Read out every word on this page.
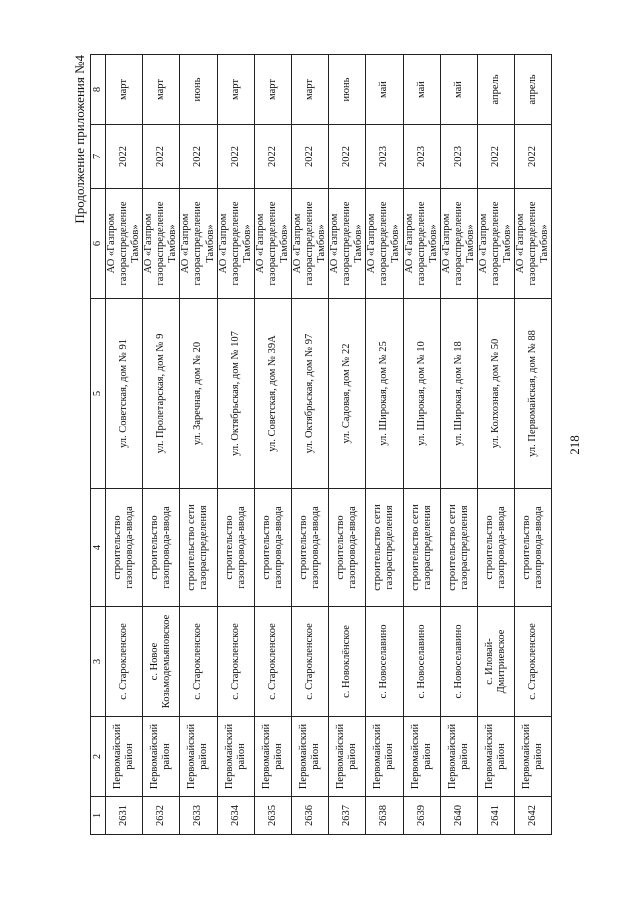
Продолжение приложения №4
1	2	3	4	5	6	7	8
2631	Первомайский район	с. Старокленское	строительство газопровода-ввода	ул. Советская, дом № 91	АО «Газпром газораспределение Тамбов»	2022	март
2632	Первомайский район	с. Новое Козьмодемьяновское	строительство газопровода-ввода	ул. Пролетарская, дом № 9	АО «Газпром газораспределение Тамбов»	2022	март
2633	Первомайский район	с. Старокленское	строительство сети газораспределения	ул. Заречная, дом № 20	АО «Газпром газораспределение Тамбов»	2022	июнь
2634	Первомайский район	с. Старокленское	строительство газопровода-ввода	ул. Октябрьская, дом № 107	АО «Газпром газораспределение Тамбов»	2022	март
2635	Первомайский район	с. Старокленское	строительство газопровода-ввода	ул. Советская, дом № 39А	АО «Газпром газораспределение Тамбов»	2022	март
2636	Первомайский район	с. Старокленское	строительство газопровода-ввода	ул. Октябрьская, дом № 97	АО «Газпром газораспределение Тамбов»	2022	март
2637	Первомайский район	с. Новоклёнское	строительство газопровода-ввода	ул. Садовая, дом № 22	АО «Газпром газораспределение Тамбов»	2022	июнь
2638	Первомайский район	с. Новоселавино	строительство сети газораспределения	ул. Широкая, дом № 25	АО «Газпром газораспределение Тамбов»	2023	май
2639	Первомайский район	с. Новоселавино	строительство сети газораспределения	ул. Широкая, дом № 10	АО «Газпром газораспределение Тамбов»	2023	май
2640	Первомайский район	с. Новоселавино	строительство сети газораспределения	ул. Широкая, дом № 18	АО «Газпром газораспределение Тамбов»	2023	май
2641	Первомайский район	с. Иловай-Дмитриевское	строительство газопровода-ввода	ул. Колхозная, дом № 50	АО «Газпром газораспределение Тамбов»	2022	апрель
2642	Первомайский район	с. Старокленское	строительство газопровода-ввода	ул. Первомайская, дом № 88	АО «Газпром газораспределение Тамбов»	2022	апрель
218
